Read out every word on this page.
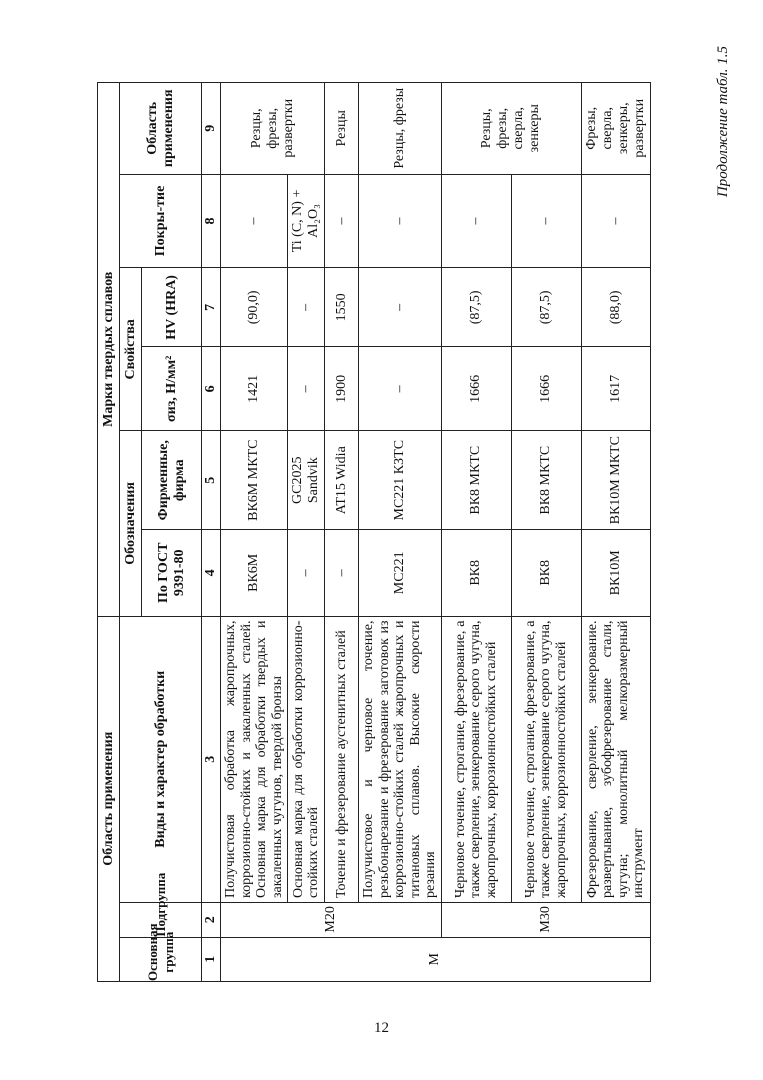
Продолжение табл. 1.5
Область применения			Марки твердых сплавов					
Основная группа	Подгруппа	Виды и характер обработки	Обозначения		Свойства		Покры-тие	Область применения
			По ГОСТ 9391-80	Фирменные, фирма	σиз, Н/мм²	HV (HRA)		
1	2	3	4	5	6	7	8	9
M	M20	Получистовая обработка жаропрочных, коррозионно-стойких и закаленных сталей. Основная марка для обработки твердых и закаленных чугунов, твердой бронзы	ВК6М	ВК6М МКТС	1421	(90,0)	–	Резцы, фрезы, развертки
		Основная марка для обработки коррозионно-стойких сталей	–	GC2025 Sandvik	–	–	Ti (C, N) + Al₂O₃	
		Точение и фрезерование аустенитных сталей	–	AT15 Widia	1900	1550	–	Резцы
		Получистовое и черновое точение, резьбонарезание и фрезерование заготовок из коррозионно-стойких сталей жаропрочных и титановых сплавов. Высокие скорости резания	MC221	MC221 КЗТС	–	–	–	Резцы, фрезы
	M30	Черновое точение, строгание, фрезерование, а также сверление, зенкерование серого чугуна, жаропрочных, коррозионностойких сталей	ВК8	ВК8 МКТС	1666	(87,5)	–	Резцы, фрезы, сверла, зенкеры
		Черновое точение, строгание, фрезерование, а также сверление, зенкерование серого чугуна, жаропрочных, коррозионностойких сталей	ВК8	ВК8 МКТС	1666	(87,5)	–	
		Фрезерование, сверление, зенкерование. развертывание, зубофрезерование стали, чугуна; монолитный мелкоразмерный инструмент	ВК10М	ВК10М МКТС	1617	(88,0)	–	Фрезы, сверла, зенкеры, развертки
12
